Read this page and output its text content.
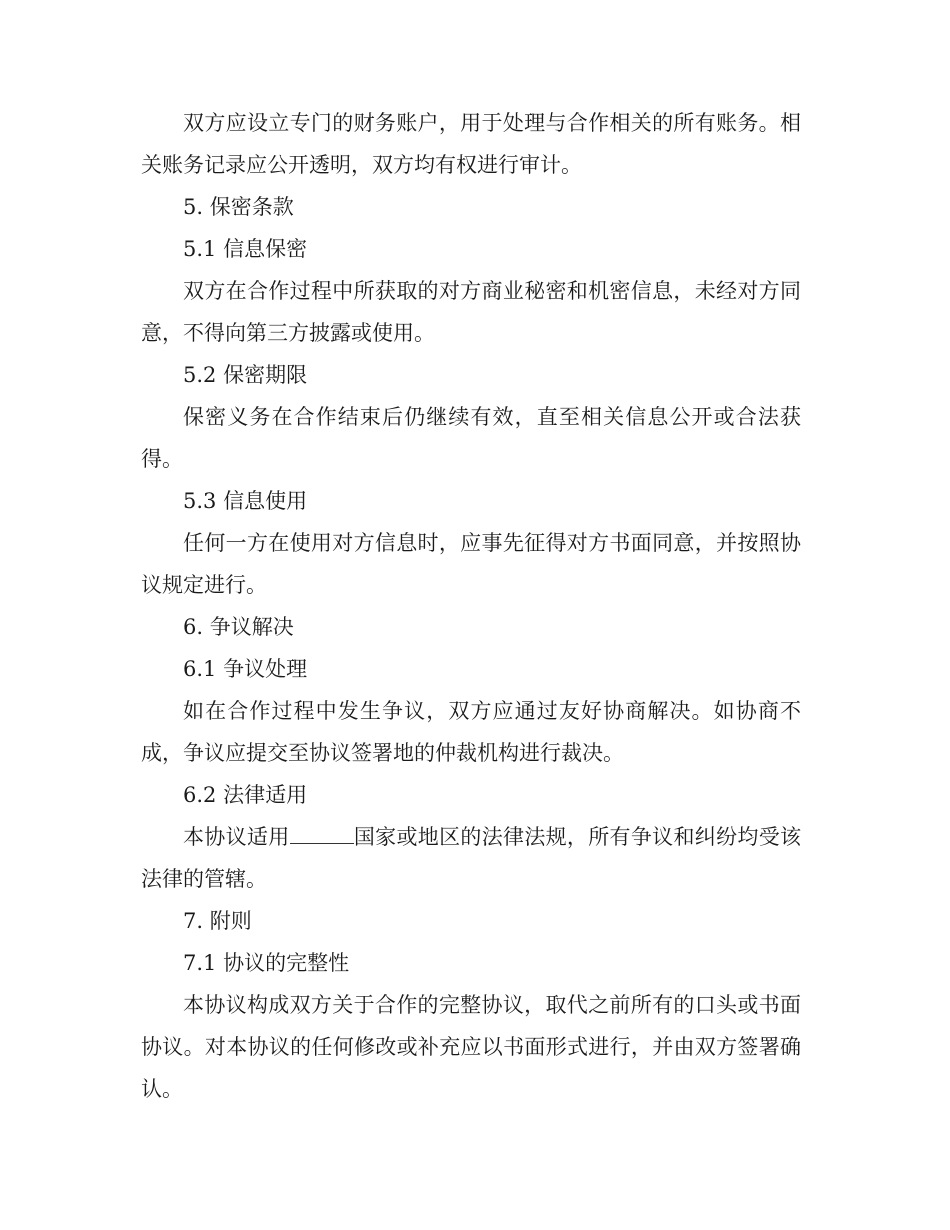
双方应设立专门的财务账户，用于处理与合作相关的所有账务。相关账务记录应公开透明，双方均有权进行审计。

5. 保密条款

5.1 信息保密

双方在合作过程中所获取的对方商业秘密和机密信息，未经对方同意，不得向第三方披露或使用。

5.2 保密期限

保密义务在合作结束后仍继续有效，直至相关信息公开或合法获得。

5.3 信息使用

任何一方在使用对方信息时，应事先征得对方书面同意，并按照协议规定进行。

6. 争议解决

6.1 争议处理

如在合作过程中发生争议，双方应通过友好协商解决。如协商不成，争议应提交至协议签署地的仲裁机构进行裁决。

6.2 法律适用

本协议适用	国家或地区的法律法规，所有争议和纠纷均受该法律的管辖。

7. 附则

7.1 协议的完整性

本协议构成双方关于合作的完整协议，取代之前所有的口头或书面协议。对本协议的任何修改或补充应以书面形式进行，并由双方签署确认。
